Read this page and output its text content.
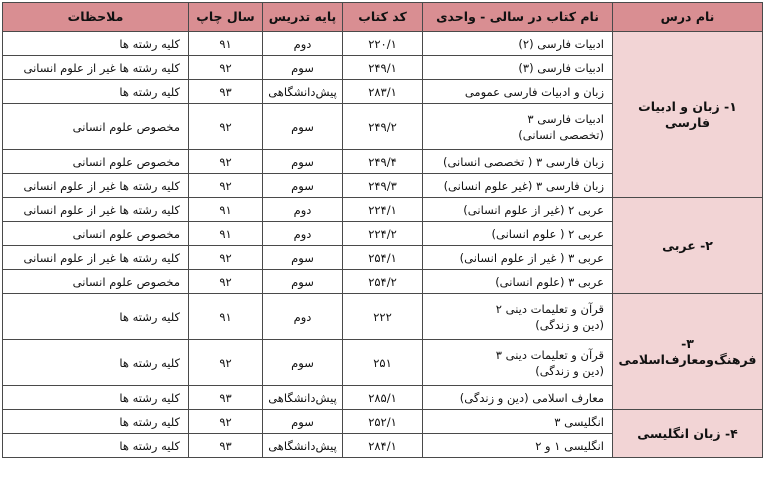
نام درس	نام کتاب در سالی - واحدی	کد کتاب	پایه تدریس	سال چاپ	ملاحظات
۱- زبان و ادبیات فارسی	ادبیات فارسی (۲)	۲۲۰/۱	دوم	۹۱	کلیه رشته ها

	ادبیات فارسی (۳)	۲۴۹/۱	سوم	۹۲	کلیه رشته ها غیر از علوم انسانی

	زبان و ادبیات فارسی عمومی	۲۸۳/۱	پیش‌دانشگاهی	۹۳	کلیه رشته ها

	ادبیات فارسی ۳
(تخصصی انسانی)	۲۴۹/۲	سوم	۹۲	مخصوص علوم انسانی

	زبان فارسی ۳ ( تخصصی انسانی)	۲۴۹/۴	سوم	۹۲	مخصوص علوم انسانی

	زبان فارسی ۳ (غیر علوم انسانی)	۲۴۹/۳	سوم	۹۲	کلیه رشته ها غیر از علوم انسانی
۲- عربی	عربی ۲ (غیر از علوم انسانی)	۲۲۴/۱	دوم	۹۱	کلیه رشته ها غیر از علوم انسانی

	عربی ۲ ( علوم انسانی)	۲۲۴/۲	دوم	۹۱	مخصوص علوم انسانی

	عربی ۳ ( غیر از علوم انسانی)	۲۵۴/۱	سوم	۹۲	کلیه رشته ها غیر از علوم انسانی

	عربی ۳ (علوم انسانی)	۲۵۴/۲	سوم	۹۲	مخصوص علوم انسانی
۳-فرهنگ‌ومعارف‌اسلامی	قرآن و تعلیمات دینی ۲
(دین و زندگی)	۲۲۲	دوم	۹۱	کلیه رشته ها

	قرآن و تعلیمات دینی ۳
(دین و زندگی)	۲۵۱	سوم	۹۲	کلیه رشته ها

	معارف اسلامی (دین و زندگی)	۲۸۵/۱	پیش‌دانشگاهی	۹۳	کلیه رشته ها
۴- زبان انگلیسی	انگلیسی ۳	۲۵۲/۱	سوم	۹۲	کلیه رشته ها

	انگلیسی ۱ و ۲	۲۸۴/۱	پیش‌دانشگاهی	۹۳	کلیه رشته ها
